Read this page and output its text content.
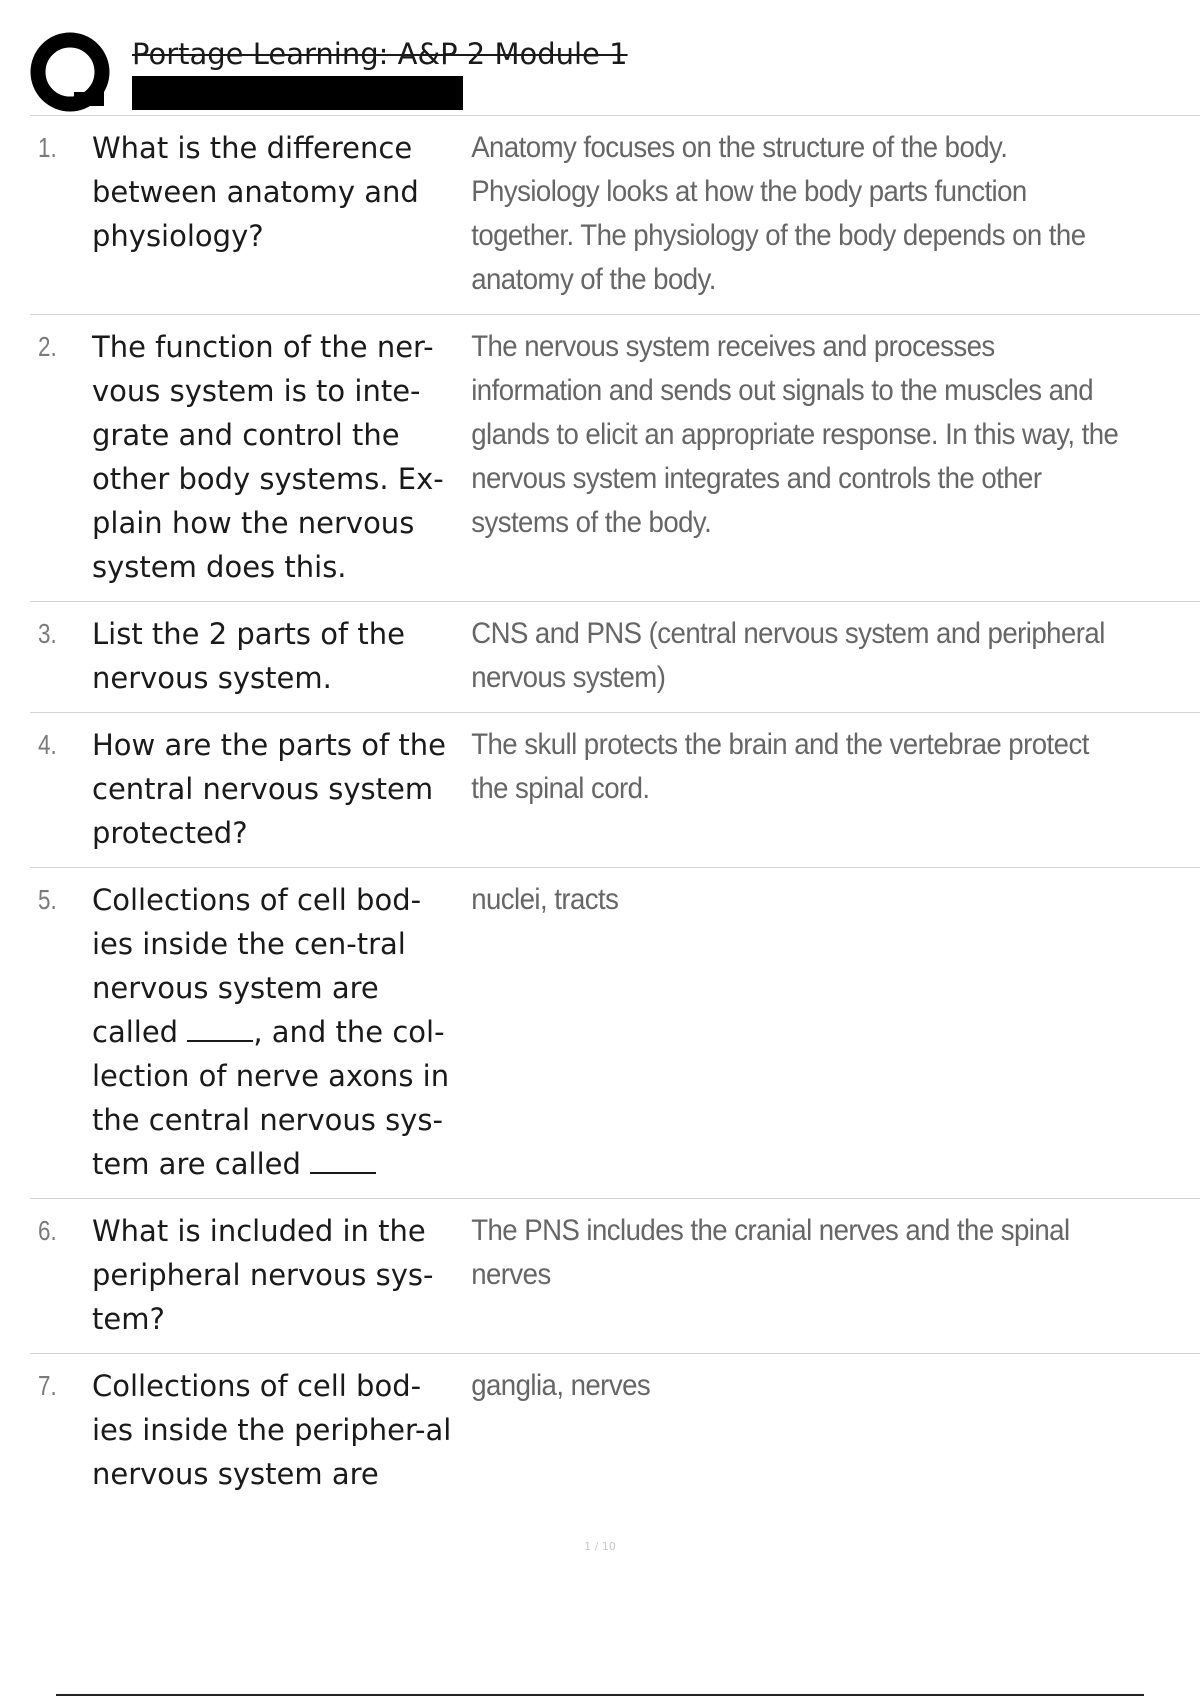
Portage Learning: A&P 2 Module 1
1.	What is the difference between anatomy and physiology?
Anatomy focuses on the structure of the body. Physiology looks at how the body parts function together. The physiology of the body depends on the anatomy of the body.
2.	The function of the ner-vous system is to inte-grate and control the other body systems. Ex-plain how the nervous system does this.
The nervous system receives and processes information and sends out signals to the muscles and glands to elicit an appropriate response. In this way, the nervous system integrates and controls the other systems of the body.
3.	List the 2 parts of the nervous system.
CNS and PNS (central nervous system and peripheral nervous system)
4.	How are the parts of the central nervous system protected?
The skull protects the brain and the vertebrae protect the spinal cord.
5.	Collections of cell bod-ies inside the cen-tral nervous system are called	, and the col-lection of nerve axons in the central nervous sys-tem are called
nuclei, tracts
6.	What is included in the peripheral nervous sys-tem?
The PNS includes the cranial nerves and the spinal nerves
7.	Collections of cell bod-ies inside the peripher-al nervous system are
ganglia, nerves
1 / 10
